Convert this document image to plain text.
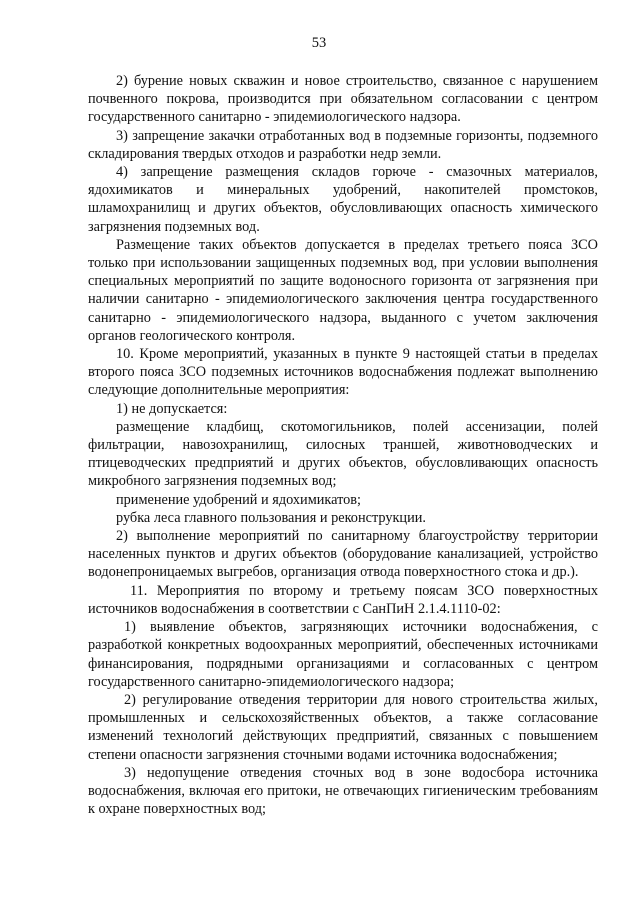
53

2) бурение новых скважин и новое строительство, связанное с нарушением почвенного покрова, производится при обязательном согласовании с центром государственного санитарно - эпидемиологического надзора.

3) запрещение закачки отработанных вод в подземные горизонты, подземного складирования твердых отходов и разработки недр земли.

4) запрещение размещения складов горюче - смазочных материалов, ядохимикатов и минеральных удобрений, накопителей промстоков, шламохранилищ и других объектов, обусловливающих опасность химического загрязнения подземных вод.

Размещение таких объектов допускается в пределах третьего пояса ЗСО только при использовании защищенных подземных вод, при условии выполнения специальных мероприятий по защите водоносного горизонта от загрязнения при наличии санитарно - эпидемиологического заключения центра государственного санитарно - эпидемиологического надзора, выданного с учетом заключения органов геологического контроля.

10. Кроме мероприятий, указанных в пункте 9 настоящей статьи в пределах второго пояса ЗСО подземных источников водоснабжения подлежат выполнению следующие дополнительные мероприятия:

1) не допускается:

размещение кладбищ, скотомогильников, полей ассенизации, полей фильтрации, навозохранилищ, силосных траншей, животноводческих и птицеводческих предприятий и других объектов, обусловливающих опасность микробного загрязнения подземных вод;

применение удобрений и ядохимикатов;

рубка леса главного пользования и реконструкции.

2) выполнение мероприятий по санитарному благоустройству территории населенных пунктов и других объектов (оборудование канализацией, устройство водонепроницаемых выгребов, организация отвода поверхностного стока и др.).

11. Мероприятия по второму и третьему поясам ЗСО поверхностных источников водоснабжения в соответствии с СанПиН 2.1.4.1110-02:

1) выявление объектов, загрязняющих источники водоснабжения, с разработкой конкретных водоохранных мероприятий, обеспеченных источниками финансирования, подрядными организациями и согласованных с центром государственного санитарно-эпидемиологического надзора;

2) регулирование отведения территории для нового строительства жилых, промышленных и сельскохозяйственных объектов, а также согласование изменений технологий действующих предприятий, связанных с повышением степени опасности загрязнения сточными водами источника водоснабжения;

3) недопущение отведения сточных вод в зоне водосбора источника водоснабжения, включая его притоки, не отвечающих гигиеническим требованиям к охране поверхностных вод;
